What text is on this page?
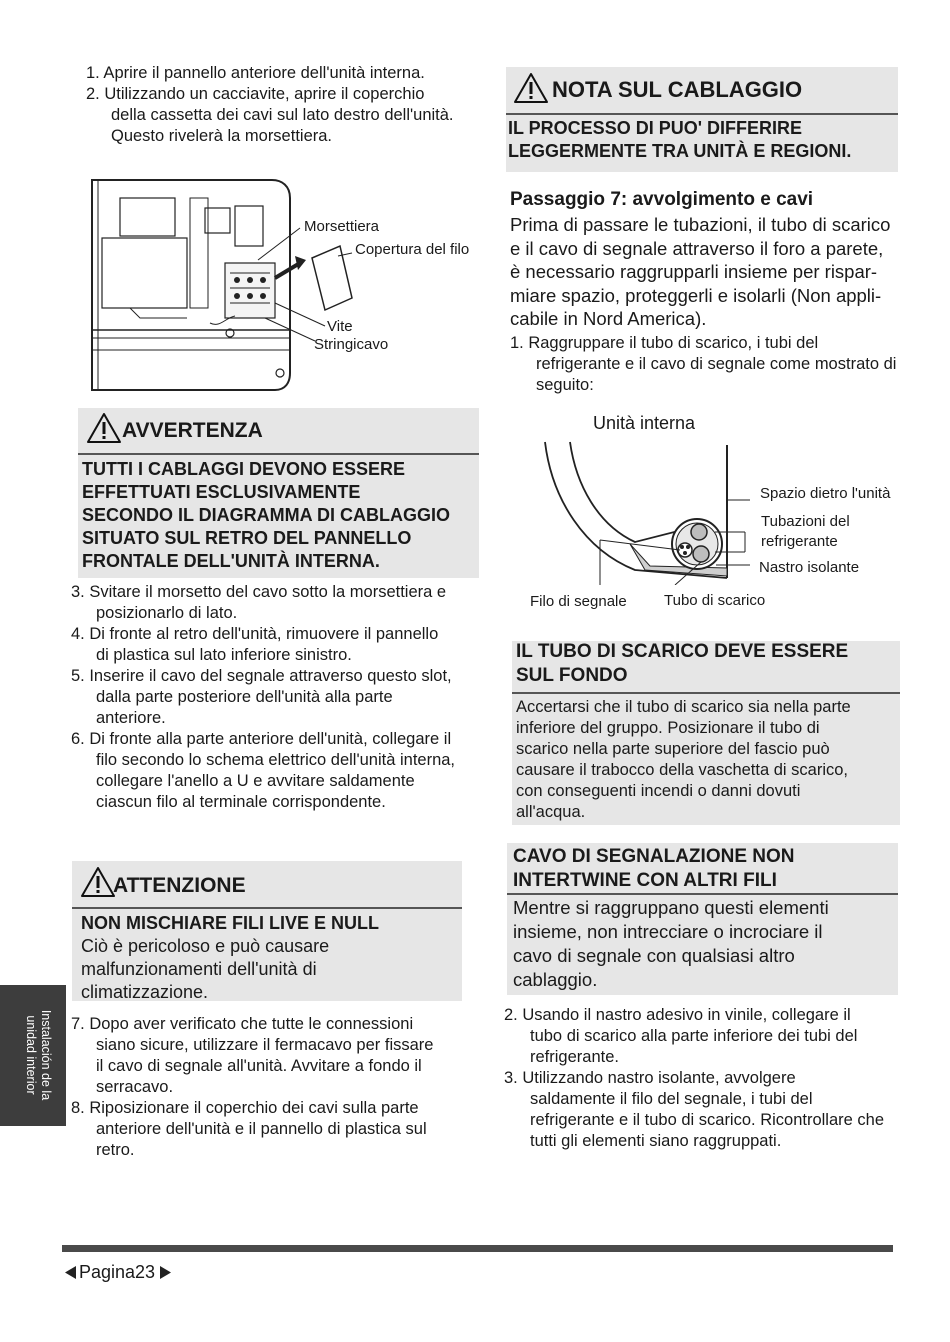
1. Aprire il pannello anteriore dell'unità interna.
2. Utilizzando un cacciavite, aprire il coperchio
della cassetta dei cavi sul lato destro dell'unità.
Questo rivelerà la morsettiera.
Morsettiera
Copertura del filo
Vite
Stringicavo
AVVERTENZA
TUTTI I CABLAGGI DEVONO ESSERE
EFFETTUATI ESCLUSIVAMENTE
SECONDO IL DIAGRAMMA DI CABLAGGIO
SITUATO SUL RETRO DEL PANNELLO
FRONTALE DELL'UNITÀ INTERNA.
3. Svitare il morsetto del cavo sotto la morsettiera e
posizionarlo di lato.
4. Di fronte al retro dell'unità, rimuovere il pannello
di plastica sul lato inferiore sinistro.
5. Inserire il cavo del segnale attraverso questo slot,
dalla parte posteriore dell'unità alla parte
anteriore.
6. Di fronte alla parte anteriore dell'unità, collegare il
filo secondo lo schema elettrico dell'unità interna,
collegare l'anello a U e avvitare saldamente
ciascun filo al terminale corrispondente.
ATTENZIONE
NON MISCHIARE FILI LIVE E NULL
Ciò è pericoloso e può causare
malfunzionamenti dell'unità di
climatizzazione.
7. Dopo aver verificato che tutte le connessioni
siano sicure, utilizzare il fermacavo per fissare
il cavo di segnale all'unità. Avvitare a fondo il
serracavo.
8. Riposizionare il coperchio dei cavi sulla parte
anteriore dell'unità e il pannello di plastica sul
retro.
Instalación de la
unidad interior
NOTA SUL CABLAGGIO
IL PROCESSO DI PUO' DIFFERIRE
LEGGERMENTE TRA UNITÀ E REGIONI.
Passaggio 7: avvolgimento e cavi
Prima di passare le tubazioni, il tubo di scarico
e il cavo di segnale attraverso il foro a parete,
è necessario raggrupparli insieme per rispar-
miare spazio, proteggerli e isolarli (Non appli-
cabile in Nord America).
1. Raggruppare il tubo di scarico, i tubi del
refrigerante e il cavo di segnale come mostrato di
seguito:
Unità interna
Spazio dietro l'unità
Tubazioni del
refrigerante
Nastro isolante
Filo di segnale Tubo di scarico
IL TUBO DI SCARICO DEVE ESSERE
SUL FONDO
Accertarsi che il tubo di scarico sia nella parte
inferiore del gruppo. Posizionare il tubo di
scarico nella parte superiore del fascio può
causare il trabocco della vaschetta di scarico,
con conseguenti incendi o danni dovuti
all'acqua.
CAVO DI SEGNALAZIONE NON
INTERTWINE CON ALTRI FILI
Mentre si raggruppano questi elementi
insieme, non intrecciare o incrociare il
cavo di segnale con qualsiasi altro
cablaggio.
2. Usando il nastro adesivo in vinile, collegare il
tubo di scarico alla parte inferiore dei tubi del
refrigerante.
3. Utilizzando nastro isolante, avvolgere
saldamente il filo del segnale, i tubi del
refrigerante e il tubo di scarico. Ricontrollare che
tutti gli elementi siano raggruppati.
Pagina23
